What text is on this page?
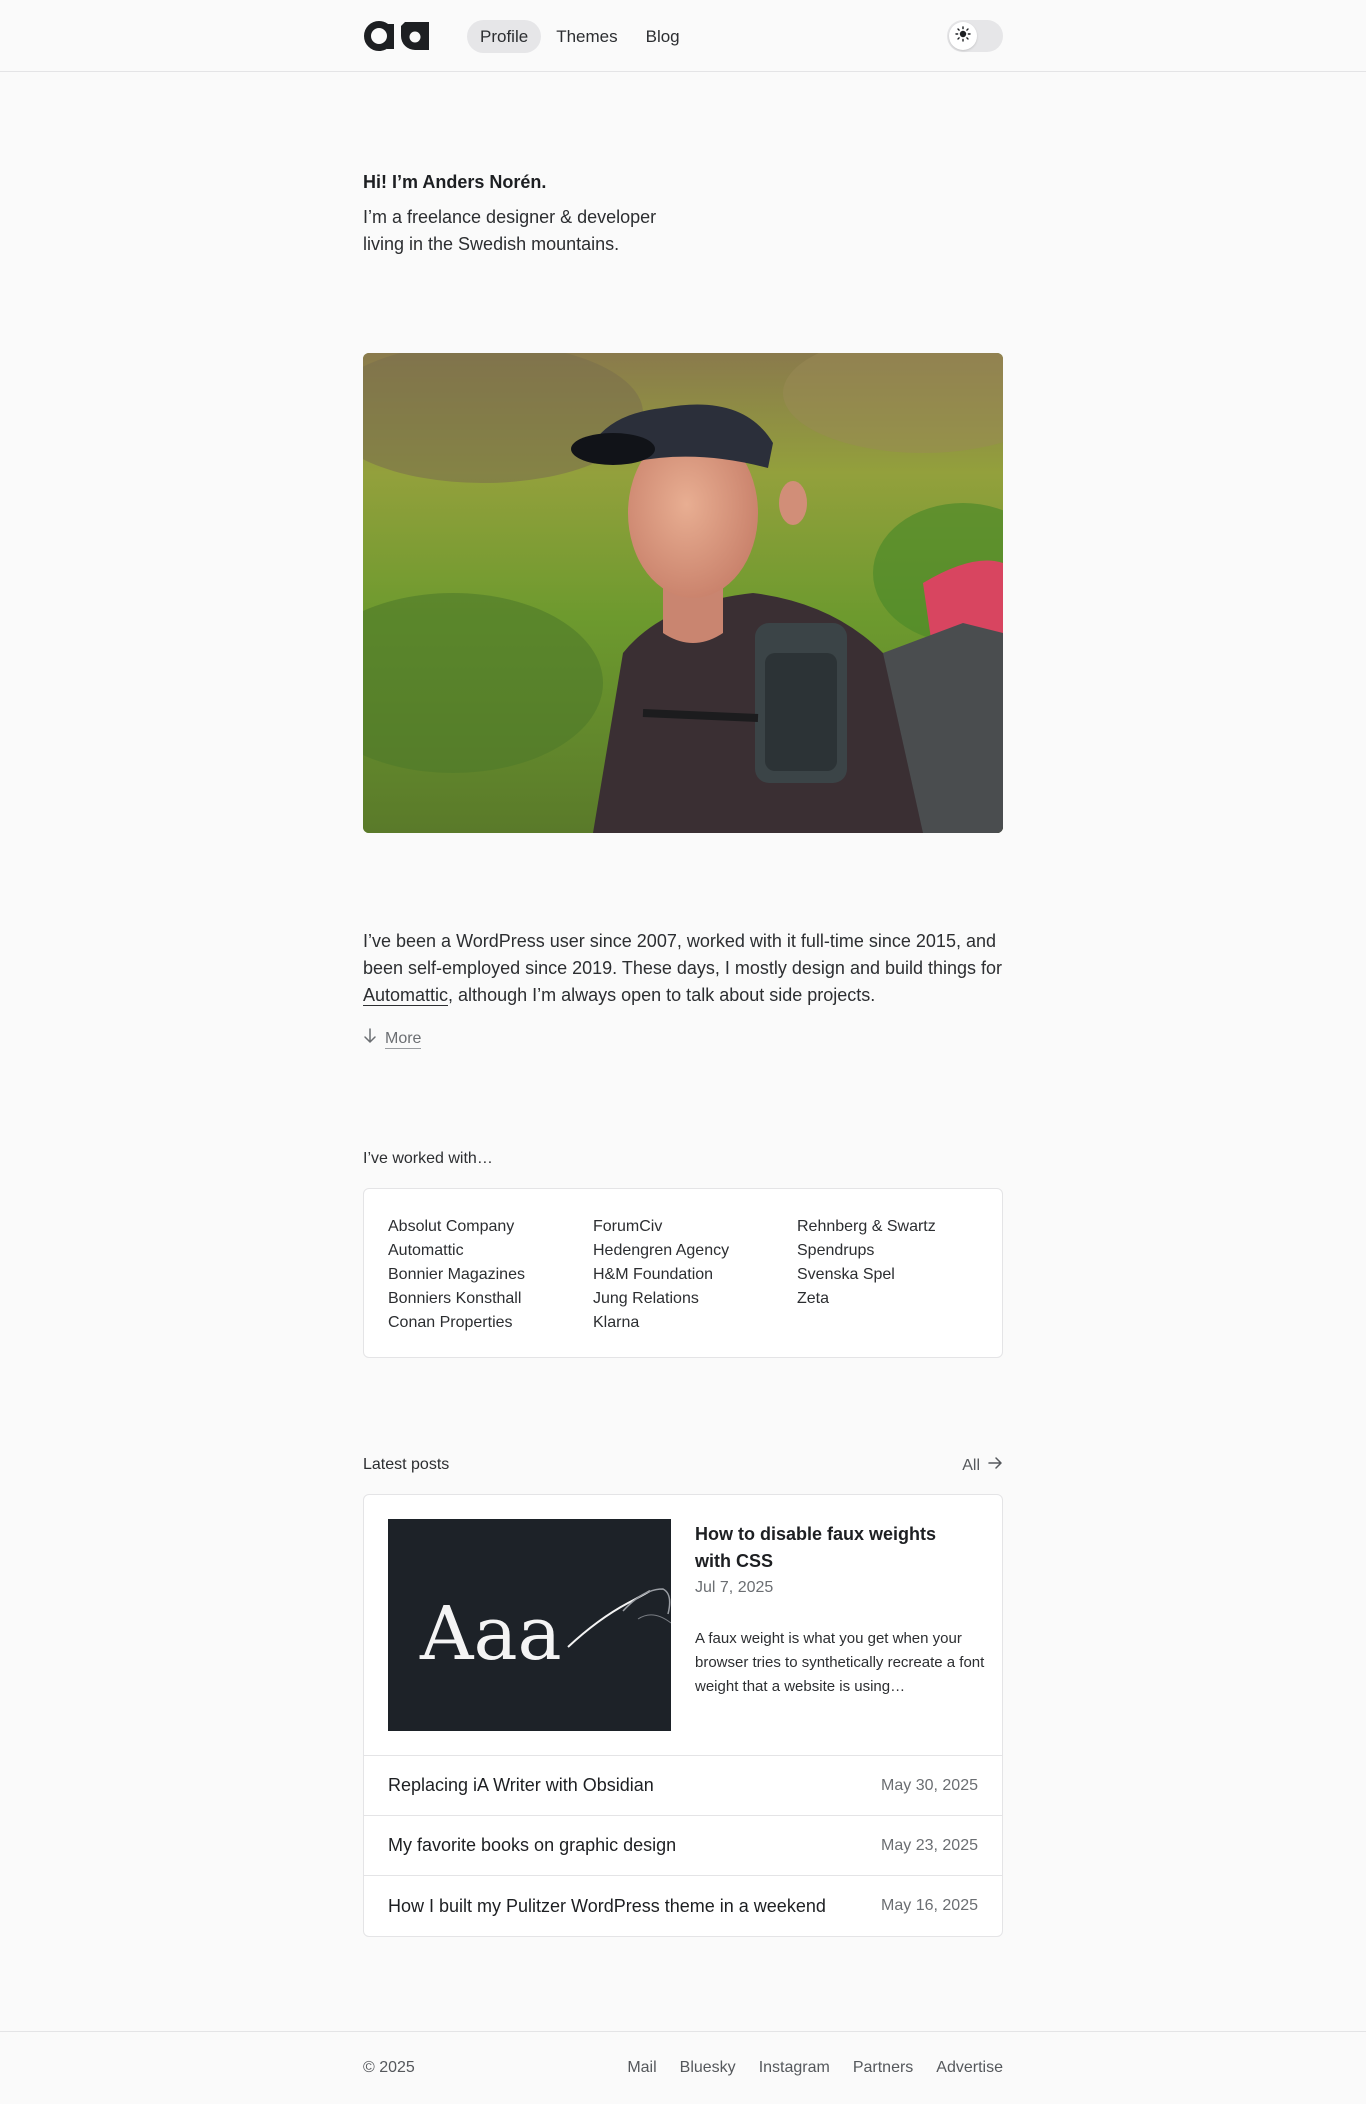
Profile	Themes	Blog
Hi! I’m Anders Norén.

I’m a freelance designer & developer living in the Swedish mountains.

I’ve been a WordPress user since 2007, worked with it full-time since 2015, and been self-employed since 2019. These days, I mostly design and build things for Automattic, although I’m always open to talk about side projects.

More
I’ve worked with…
Absolut Company
Automattic
Bonnier Magazines
Bonniers Konsthall
Conan Properties
ForumCiv
Hedengren Agency
H&M Foundation
Jung Relations
Klarna
Rehnberg & Swartz
Spendrups
Svenska Spel
Zeta
Latest posts	All
Aaa
How to disable faux weights with CSS
Jul 7, 2025

A faux weight is what you get when your browser tries to synthetically recreate a font weight that a website is using…

Replacing iA Writer with Obsidian	May 30, 2025
My favorite books on graphic design	May 23, 2025
How I built my Pulitzer WordPress theme in a weekend	May 16, 2025
© 2025	Mail Bluesky Instagram Partners Advertise
